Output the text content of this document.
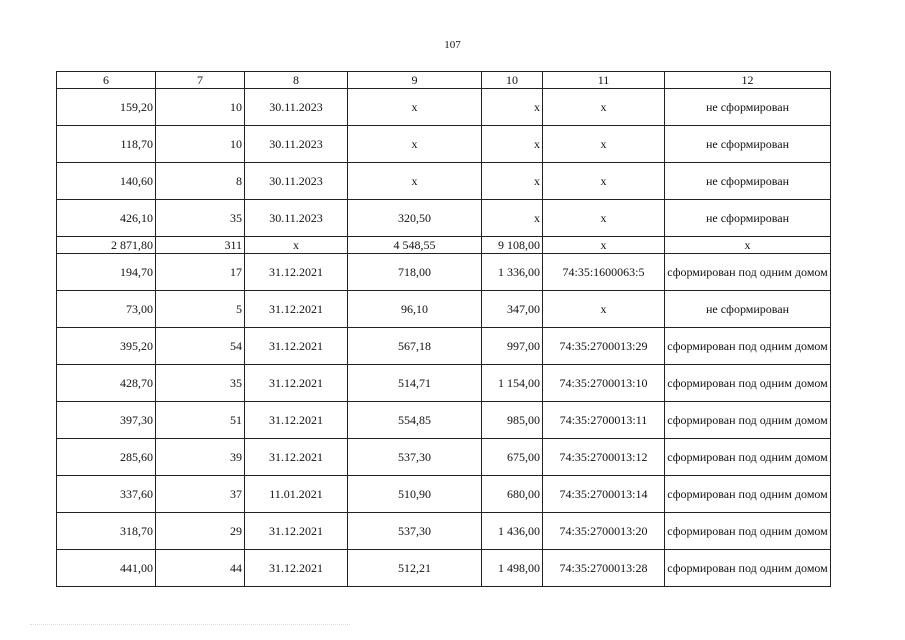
107
6	7	8	9	10	11	12
159,20	10	30.11.2023	х	х	х	не сформирован
118,70	10	30.11.2023	х	х	х	не сформирован
140,60	8	30.11.2023	х	х	х	не сформирован
426,10	35	30.11.2023	320,50	х	х	не сформирован
2 871,80	311	х	4 548,55	9 108,00	х	х
194,70	17	31.12.2021	718,00	1 336,00	74:35:1600063:5	сформирован под одним домом
73,00	5	31.12.2021	96,10	347,00	х	не сформирован
395,20	54	31.12.2021	567,18	997,00	74:35:2700013:29	сформирован под одним домом
428,70	35	31.12.2021	514,71	1 154,00	74:35:2700013:10	сформирован под одним домом
397,30	51	31.12.2021	554,85	985,00	74:35:2700013:11	сформирован под одним домом
285,60	39	31.12.2021	537,30	675,00	74:35:2700013:12	сформирован под одним домом
337,60	37	11.01.2021	510,90	680,00	74:35:2700013:14	сформирован под одним домом
318,70	29	31.12.2021	537,30	1 436,00	74:35:2700013:20	сформирован под одним домом
441,00	44	31.12.2021	512,21	1 498,00	74:35:2700013:28	сформирован под одним домом
